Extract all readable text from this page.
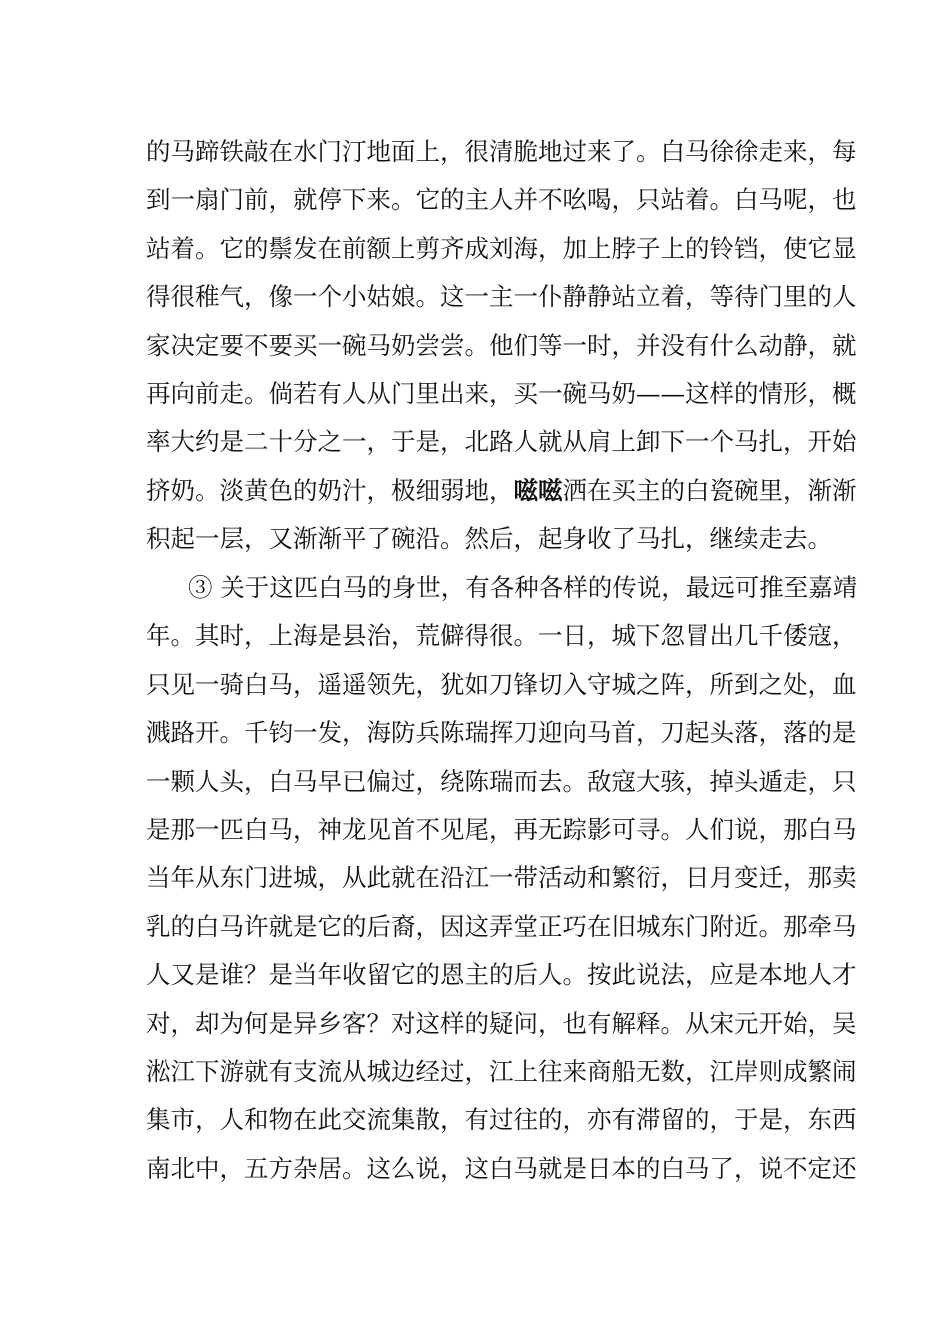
的马蹄铁敲在水门汀地面上，很清脆地过来了。白马徐徐走来，每
到一扇门前，就停下来。它的主人并不吆喝，只站着。白马呢，也
站着。它的鬃发在前额上剪齐成刘海，加上脖子上的铃铛，使它显
得很稚气，像一个小姑娘。这一主一仆静静站立着，等待门里的人
家决定要不要买一碗马奶尝尝。他们等一时，并没有什么动静，就
再向前走。倘若有人从门里出来，买一碗马奶——这样的情形，概
率大约是二十分之一，于是，北路人就从肩上卸下一个马扎，开始
挤奶。淡黄色的奶汁，极细弱地，嗞嗞洒在买主的白瓷碗里，渐渐
积起一层，又渐渐平了碗沿。然后，起身收了马扎，继续走去。
③ 关于这匹白马的身世，有各种各样的传说，最远可推至嘉靖
年。其时，上海是县治，荒僻得很。一日，城下忽冒出几千倭寇，
只见一骑白马，遥遥领先，犹如刀锋切入守城之阵，所到之处，血
溅路开。千钧一发，海防兵陈瑞挥刀迎向马首，刀起头落，落的是
一颗人头，白马早已偏过，绕陈瑞而去。敌寇大骇，掉头遁走，只
是那一匹白马，神龙见首不见尾，再无踪影可寻。人们说，那白马
当年从东门进城，从此就在沿江一带活动和繁衍，日月变迁，那卖
乳的白马许就是它的后裔，因这弄堂正巧在旧城东门附近。那牵马
人又是谁？是当年收留它的恩主的后人。按此说法，应是本地人才
对，却为何是异乡客？对这样的疑问，也有解释。从宋元开始，吴
淞江下游就有支流从城边经过，江上往来商船无数，江岸则成繁闹
集市，人和物在此交流集散，有过往的，亦有滞留的，于是，东西
南北中，五方杂居。这么说，这白马就是日本的白马了，说不定还
